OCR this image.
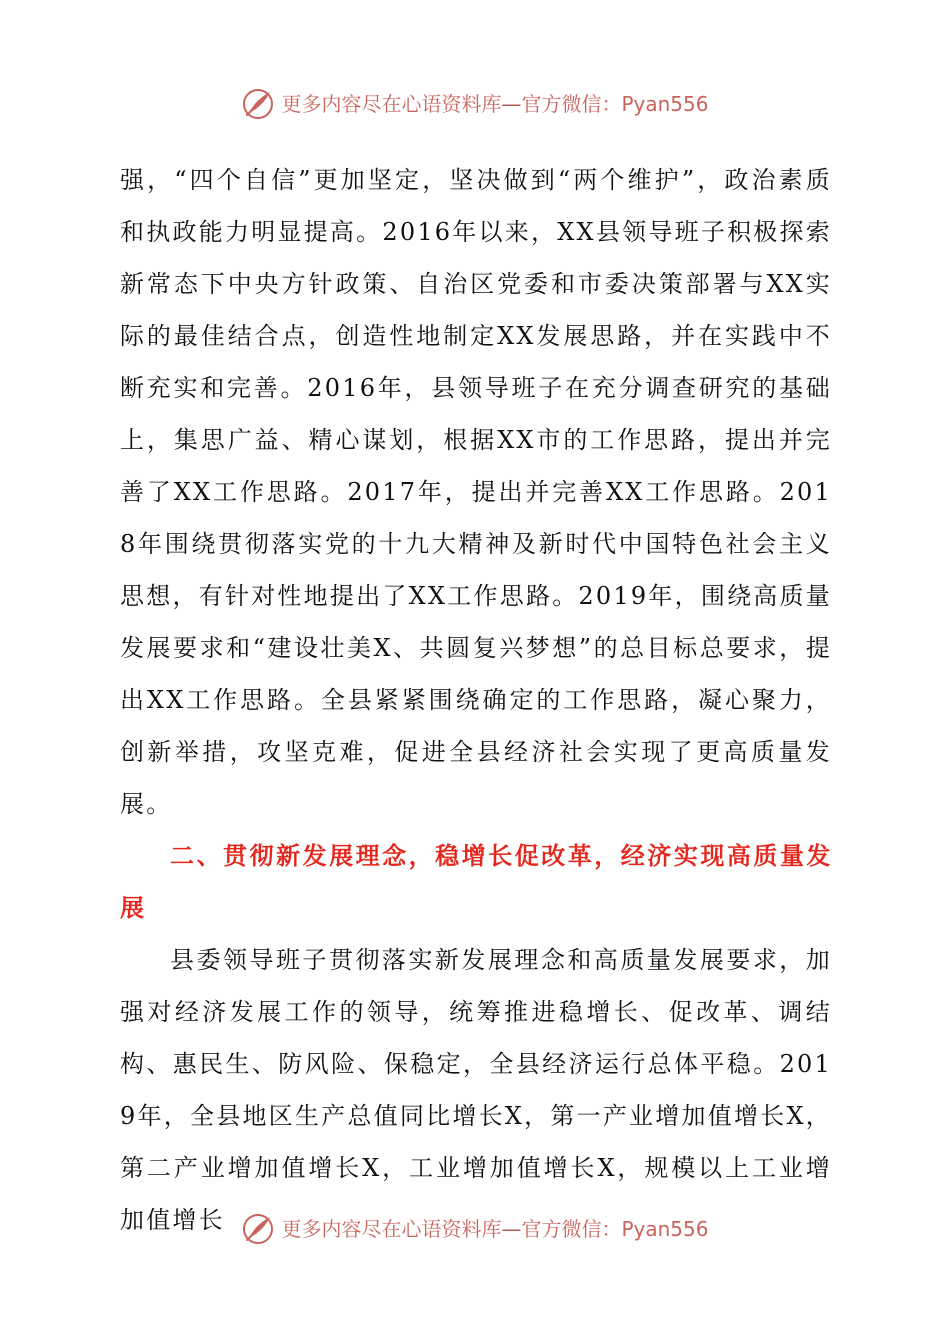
更多内容尽在心语资料库—官方微信：Pyan556

强，“四个自信”更加坚定，坚决做到“两个维护”，政治素质和执政能力明显提高。2016年以来，XX县领导班子积极探索新常态下中央方针政策、自治区党委和市委决策部署与XX实际的最佳结合点，创造性地制定XX发展思路，并在实践中不断充实和完善。2016年，县领导班子在充分调查研究的基础上，集思广益、精心谋划，根据XX市的工作思路，提出并完善了XX工作思路。2017年，提出并完善XX工作思路。2018年围绕贯彻落实党的十九大精神及新时代中国特色社会主义思想，有针对性地提出了XX工作思路。2019年，围绕高质量发展要求和“建设壮美X、共圆复兴梦想”的总目标总要求，提出XX工作思路。全县紧紧围绕确定的工作思路，凝心聚力，创新举措，攻坚克难，促进全县经济社会实现了更高质量发展。

二、贯彻新发展理念，稳增长促改革，经济实现高质量发展

县委领导班子贯彻落实新发展理念和高质量发展要求，加强对经济发展工作的领导，统筹推进稳增长、促改革、调结构、惠民生、防风险、保稳定，全县经济运行总体平稳。2019年，全县地区生产总值同比增长X，第一产业增加值增长X，第二产业增加值增长X，工业增加值增长X，规模以上工业增加值增长	更多内容尽在心语资料库—官方微信：Pyan556
